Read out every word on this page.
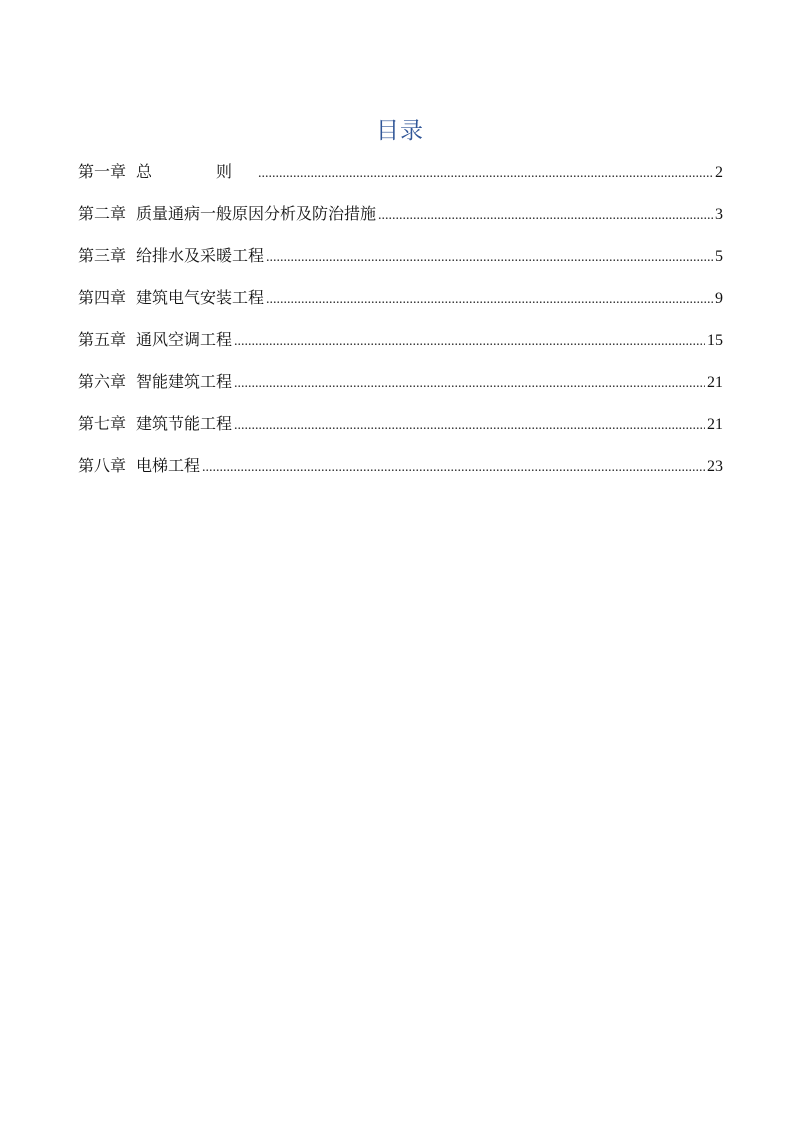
目录
第一章 总　则 .....	2
第二章 质量通病一般原因分析及防治措施 .....	3
第三章 给排水及采暖工程 .....	5
第四章 建筑电气安装工程 .....	9
第五章 通风空调工程 .....	15
第六章 智能建筑工程 .....	21
第七章 建筑节能工程 .....	21
第八章 电梯工程 .....	23
